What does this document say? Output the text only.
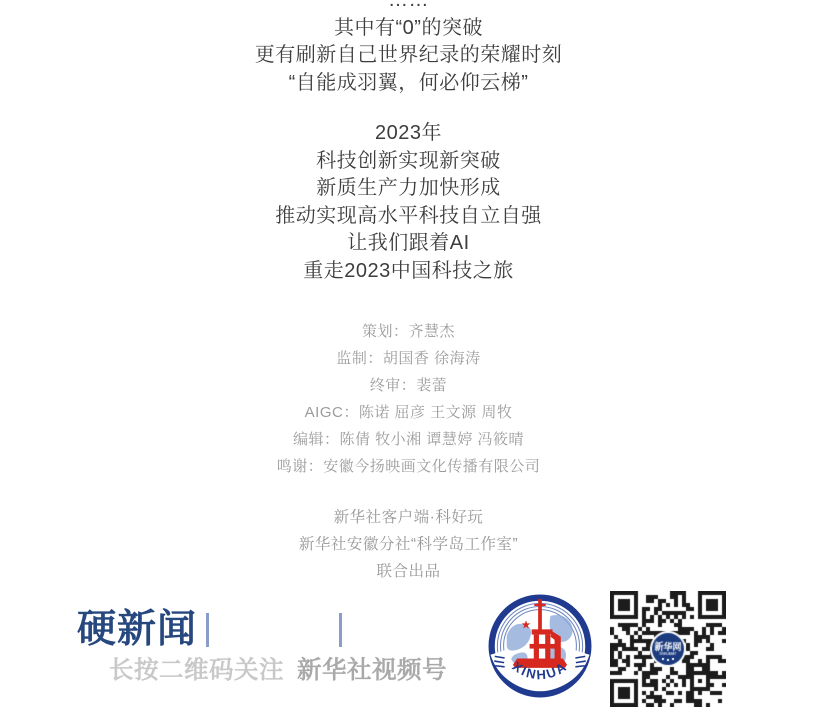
……

其中有“0”的突破

更有刷新自己世界纪录的荣耀时刻

“自能成羽翼，何必仰云梯”

2023年

科技创新实现新突破

新质生产力加快形成

推动实现高水平科技自立自强

让我们跟着AI

重走2023中国科技之旅

策划：齐慧杰

监制：胡国香 徐海涛

终审：裴蕾

AIGC：陈诺 屈彦 王文源 周牧

编辑：陈倩 牧小湘 谭慧婷 冯筱晴

鸣谢：安徽今扬映画文化传播有限公司

新华社客户端·科好玩

新华社安徽分社“科学岛工作室”

联合出品

硬新闻
长按二维码关注 新华社视频号
★
XINHUA
